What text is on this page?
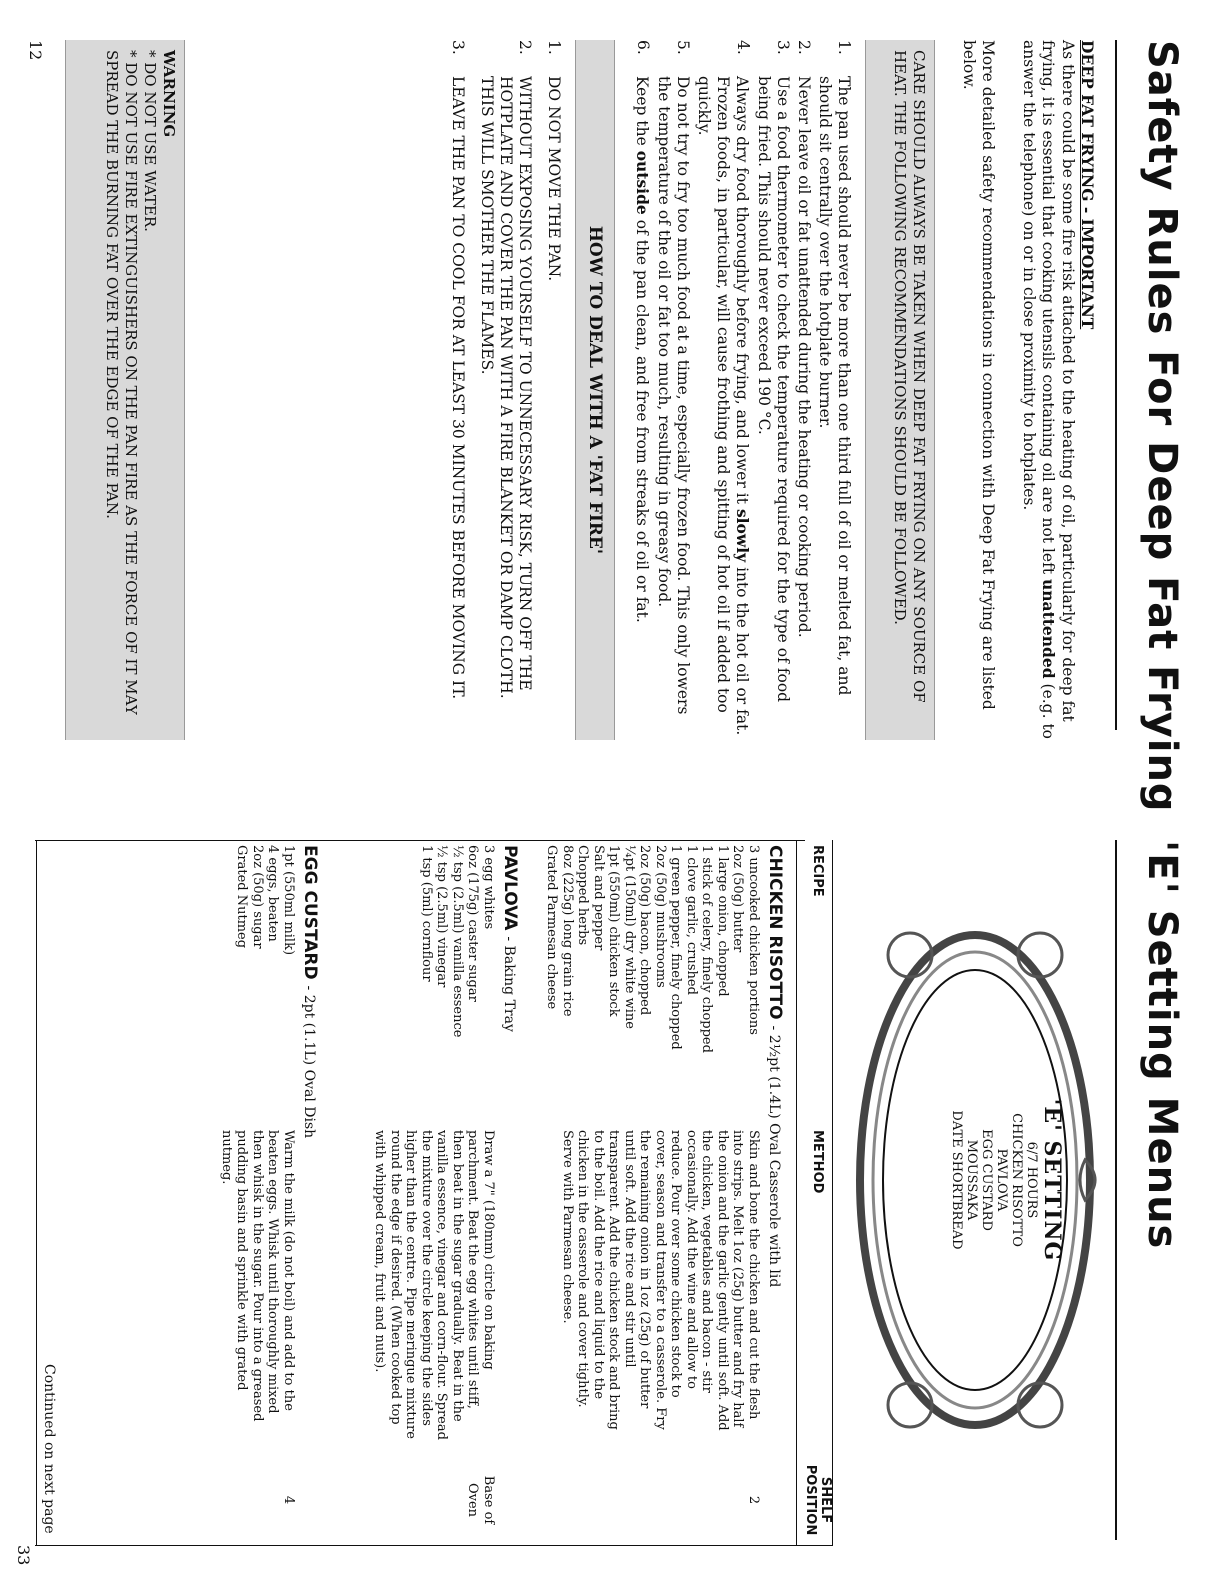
Safety Rules For Deep Fat Frying
DEEP FAT FRYING - IMPORTANT
As there could be some fire risk attached to the heating of oil, particularly for deep fat frying, it is essential that cooking utensils containing oil are not left unattended (e.g. to answer the telephone) on or in close proximity to hotplates.
More detailed safety recommendations in connection with Deep Fat Frying are listed below.
CARE SHOULD ALWAYS BE TAKEN WHEN DEEP FAT FRYING ON ANY SOURCE OF HEAT. THE FOLLOWING RECOMMENDATIONS SHOULD BE FOLLOWED.
1.
The pan used should never be more than one third full of oil or melted fat, and should sit centrally over the hotplate burner.
2.
Never leave oil or fat unattended during the heating or cooking period.
3.
Use a food thermometer to check the temperature required for the type of food being fried. This should never exceed 190 °C.
4.
Always dry food thoroughly before frying, and lower it slowly into the hot oil or fat. Frozen foods, in particular, will cause frothing and spitting of hot oil if added too quickly.
5.
Do not try to fry too much food at a time, especially frozen food. This only lowers the temperature of the oil or fat too much, resulting in greasy food.
6.
Keep the outside of the pan clean, and free from streaks of oil or fat.
HOW TO DEAL WITH A 'FAT FIRE'
1.
DO NOT MOVE THE PAN.
2.
WITHOUT EXPOSING YOURSELF TO UNNECESSARY RISK, TURN OFF THE HOTPLATE AND COVER THE PAN WITH A FIRE BLANKET OR DAMP CLOTH. THIS WILL SMOTHER THE FLAMES.
3.
LEAVE THE PAN TO COOL FOR AT LEAST 30 MINUTES BEFORE MOVING IT.
WARNING
* DO NOT USE WATER.
* DO NOT USE FIRE EXTINGUISHERS ON THE PAN FIRE AS THE FORCE OF IT MAY SPREAD THE BURNING FAT OVER THE EDGE OF THE PAN.
12
'E' Setting Menus
'E' SETTING
6/7 HOURS
CHICKEN RISOTTO
PAVLOVA
EGG CUSTARD
MOUSSAKA
DATE SHORTBREAD
RECIPE
METHOD
SHELF POSITION
CHICKEN RISOTTO - 2½pt (1.4L) Oval Casserole with lid
3 uncooked chicken portions
2oz (50g) butter
1 large onion, chopped
1 stick of celery, finely chopped
1 clove garlic, crushed
1 green pepper, finely chopped
2oz (50g) mushrooms
2oz (50g) bacon, chopped
¼pt (150ml) dry white wine
1pt (550ml) chicken stock
Salt and pepper
Chopped herbs
8oz (225g) long grain rice
Grated Parmesan cheese
Skin and bone the chicken and cut the flesh into strips. Melt 1oz (25g) butter and fry half the onion and the garlic gently until soft. Add the chicken, vegetables and bacon - stir occasionally. Add the wine and allow to reduce. Pour over some chicken stock to cover, season and transfer to a casserole. Fry the remaining onion in 1oz (25g) of butter until soft. Add the rice and stir until transparent. Add the chicken stock and bring to the boil. Add the rice and liquid to the chicken in the casserole and cover tightly. Serve with Parmesan cheese.
2
PAVLOVA - Baking Tray
3 egg whites
6oz (175g) caster sugar
½ tsp (2.5ml) vanilla essence
½ tsp (2.5ml) vinegar
1 tsp (5ml) cornflour
Draw a 7" (180mm) circle on baking parchment. Beat the egg whites until stiff, then beat in the sugar gradually. Beat in the vanilla essence, vinegar and corn-flour. Spread the mixture over the circle keeping the sides higher than the centre. Pipe meringue mixture round the edge if desired. (When cooked top with whipped cream, fruit and nuts).
Base of Oven
EGG CUSTARD - 2pt (1.1L) Oval Dish
1pt (550ml milk)
4 eggs, beaten
2oz (50g) sugar
Grated Nutmeg
Warm the milk (do not boil) and add to the beaten eggs. Whisk until thoroughly mixed then whisk in the sugar. Pour into a greased pudding basin and sprinkle with grated nutmeg.
4
Continued on next page
33
